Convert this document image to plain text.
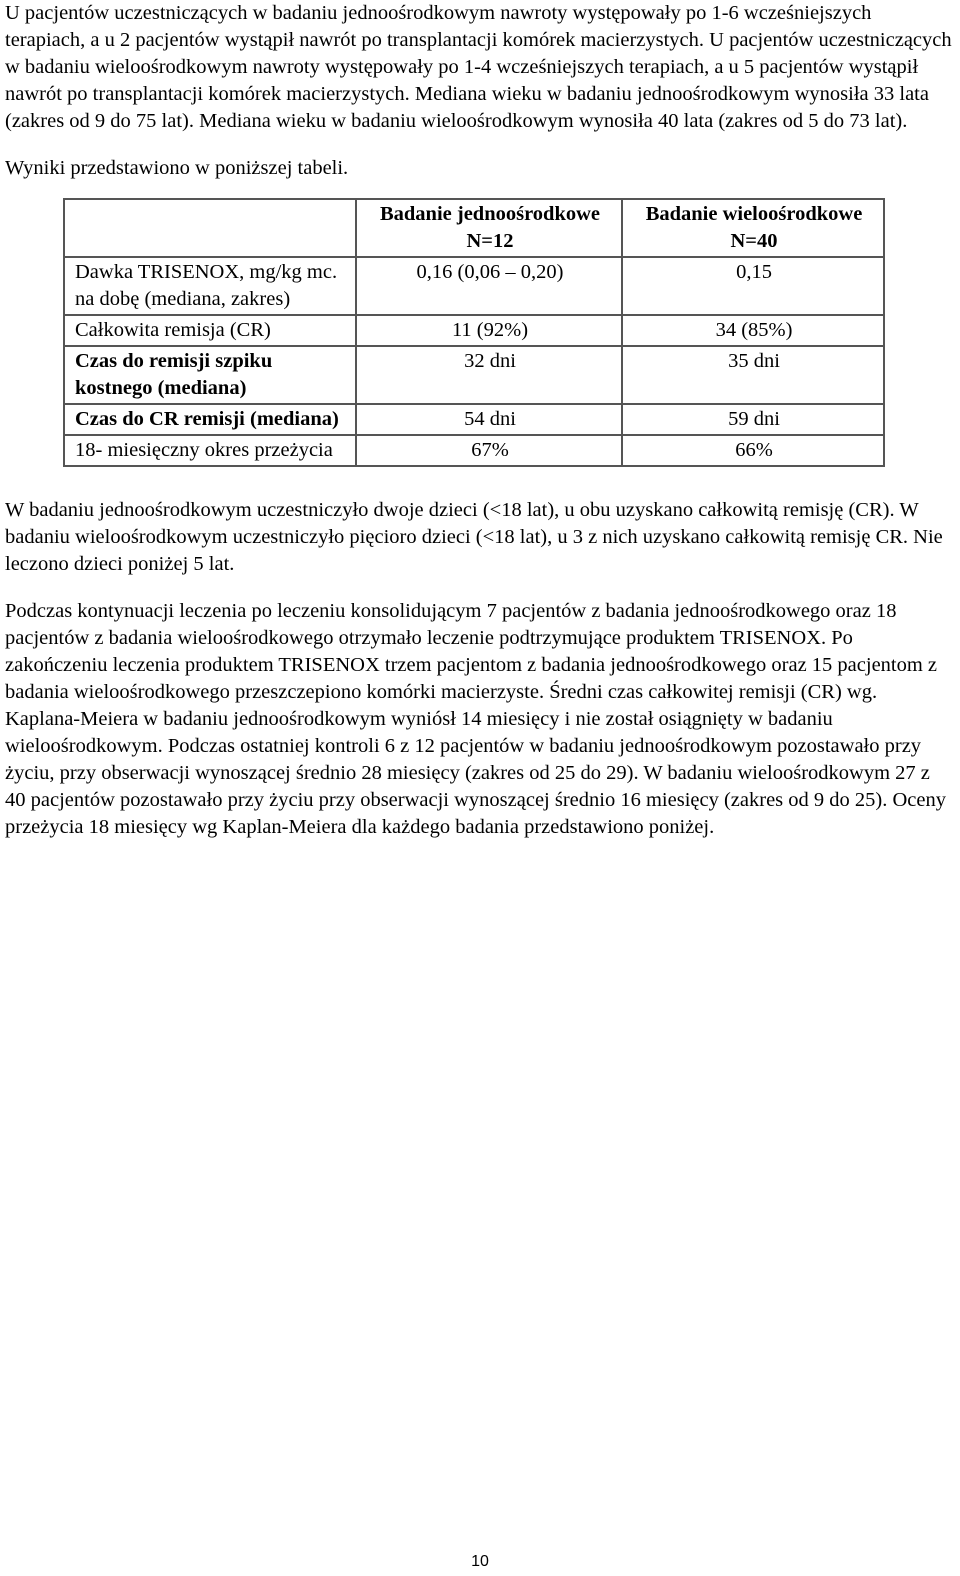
U pacjentów uczestniczących w badaniu jednoośrodkowym nawroty występowały po 1-6 wcześniejszych terapiach, a u 2 pacjentów wystąpił nawrót po transplantacji komórek macierzystych. U pacjentów uczestniczących w badaniu wieloośrodkowym nawroty występowały po 1-4 wcześniejszych terapiach, a u 5 pacjentów wystąpił nawrót po transplantacji komórek macierzystych. Mediana wieku w badaniu jednoośrodkowym wynosiła 33 lata (zakres od 9 do 75 lat). Mediana wieku w badaniu wieloośrodkowym wynosiła 40 lata (zakres od 5 do 73 lat).

Wyniki przedstawiono w poniższej tabeli.

	Badanie jednoośrodkowe N=12	Badanie wieloośrodkowe N=40
Dawka TRISENOX, mg/kg mc. na dobę (mediana, zakres)	0,16 (0,06 – 0,20)	0,15
Całkowita remisja (CR)	11 (92%)	34 (85%)
Czas do remisji szpiku kostnego (mediana)	32 dni	35 dni
Czas do CR remisji (mediana)	54 dni	59 dni
18- miesięczny okres przeżycia	67%	66%

W badaniu jednoośrodkowym uczestniczyło dwoje dzieci (<18 lat), u obu uzyskano całkowitą remisję (CR). W badaniu wieloośrodkowym uczestniczyło pięcioro dzieci (<18 lat), u 3 z nich uzyskano całkowitą remisję CR. Nie leczono dzieci poniżej 5 lat.

Podczas kontynuacji leczenia po leczeniu konsolidującym 7 pacjentów z badania jednoośrodkowego oraz 18 pacjentów z badania wieloośrodkowego otrzymało leczenie podtrzymujące produktem TRISENOX. Po zakończeniu leczenia produktem TRISENOX trzem pacjentom z badania jednoośrodkowego oraz 15 pacjentom z badania wieloośrodkowego przeszczepiono komórki macierzyste. Średni czas całkowitej remisji (CR) wg. Kaplana-Meiera w badaniu jednoośrodkowym wyniósł 14 miesięcy i nie został osiągnięty w badaniu wieloośrodkowym. Podczas ostatniej kontroli 6 z 12 pacjentów w badaniu jednoośrodkowym pozostawało przy życiu, przy obserwacji wynoszącej średnio 28 miesięcy (zakres od 25 do 29). W badaniu wieloośrodkowym 27 z 40 pacjentów pozostawało przy życiu przy obserwacji wynoszącej średnio 16 miesięcy (zakres od 9 do 25). Oceny przeżycia 18 miesięcy wg Kaplan-Meiera dla każdego badania przedstawiono poniżej.

10
